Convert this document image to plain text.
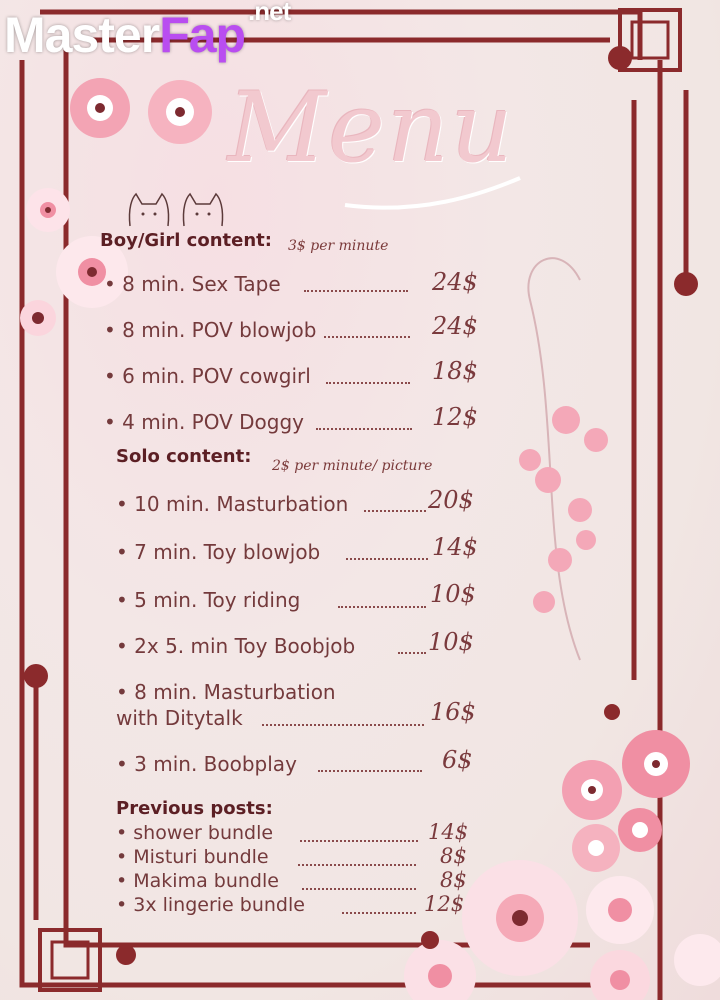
MasterFap .net
Menu
Boy/Girl content: 3$ per minute
• 8 min. Sex Tape	24$
• 8 min. POV blowjob	24$
• 6 min. POV cowgirl	18$
• 4 min. POV Doggy	12$
Solo content: 2$ per minute/ picture
• 10 min. Masturbation	20$
• 7 min. Toy blowjob	14$
• 5 min. Toy riding	10$
• 2x 5. min Toy Boobjob	10$
• 8 min. Masturbation
with Ditytalk	16$
• 3 min. Boobplay	6$
Previous posts:
• shower bundle	14$
• Misturi bundle	8$
• Makima bundle	8$
• 3x lingerie bundle	12$
